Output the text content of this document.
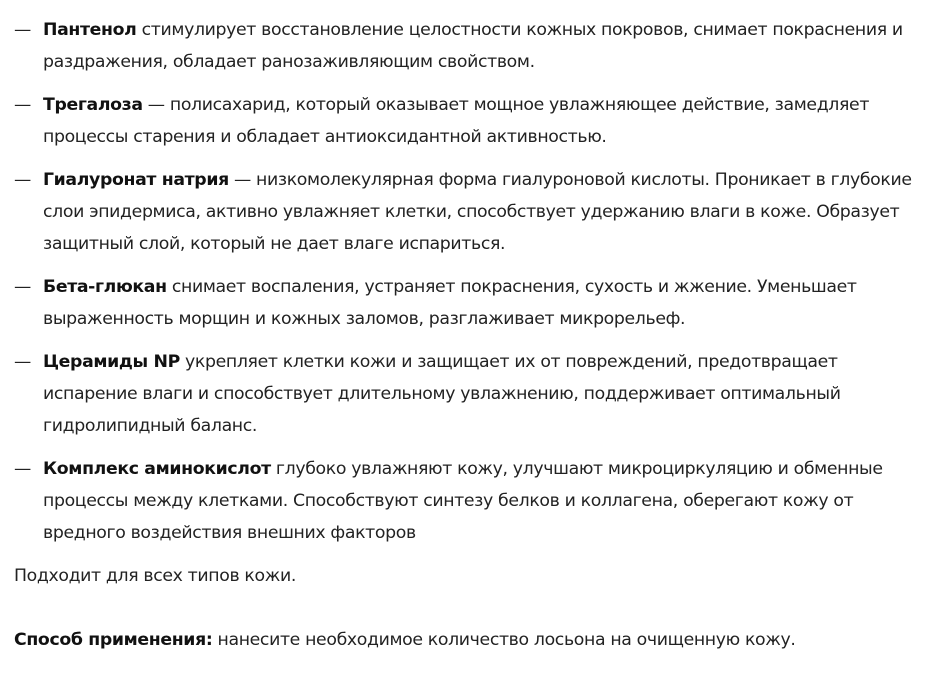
— Пантенол стимулирует восстановление целостности кожных покровов, снимает покраснения и раздражения, обладает ранозаживляющим свойством.
— Трегалоза — полисахарид, который оказывает мощное увлажняющее действие, замедляет процессы старения и обладает антиоксидантной активностью.
— Гиалуронат натрия — низкомолекулярная форма гиалуроновой кислоты. Проникает в глубокие слои эпидермиса, активно увлажняет клетки, способствует удержанию влаги в коже. Образует защитный слой, который не дает влаге испариться.
— Бета-глюкан снимает воспаления, устраняет покраснения, сухость и жжение. Уменьшает выраженность морщин и кожных заломов, разглаживает микрорельеф.
— Церамиды NP укрепляет клетки кожи и защищает их от повреждений, предотвращает испарение влаги и способствует длительному увлажнению, поддерживает оптимальный гидролипидный баланс.
— Комплекс аминокислот глубоко увлажняют кожу, улучшают микроциркуляцию и обменные процессы между клетками. Способствуют синтезу белков и коллагена, оберегают кожу от вредного воздействия внешних факторов

Подходит для всех типов кожи.

Способ применения: нанесите необходимое количество лосьона на очищенную кожу.
